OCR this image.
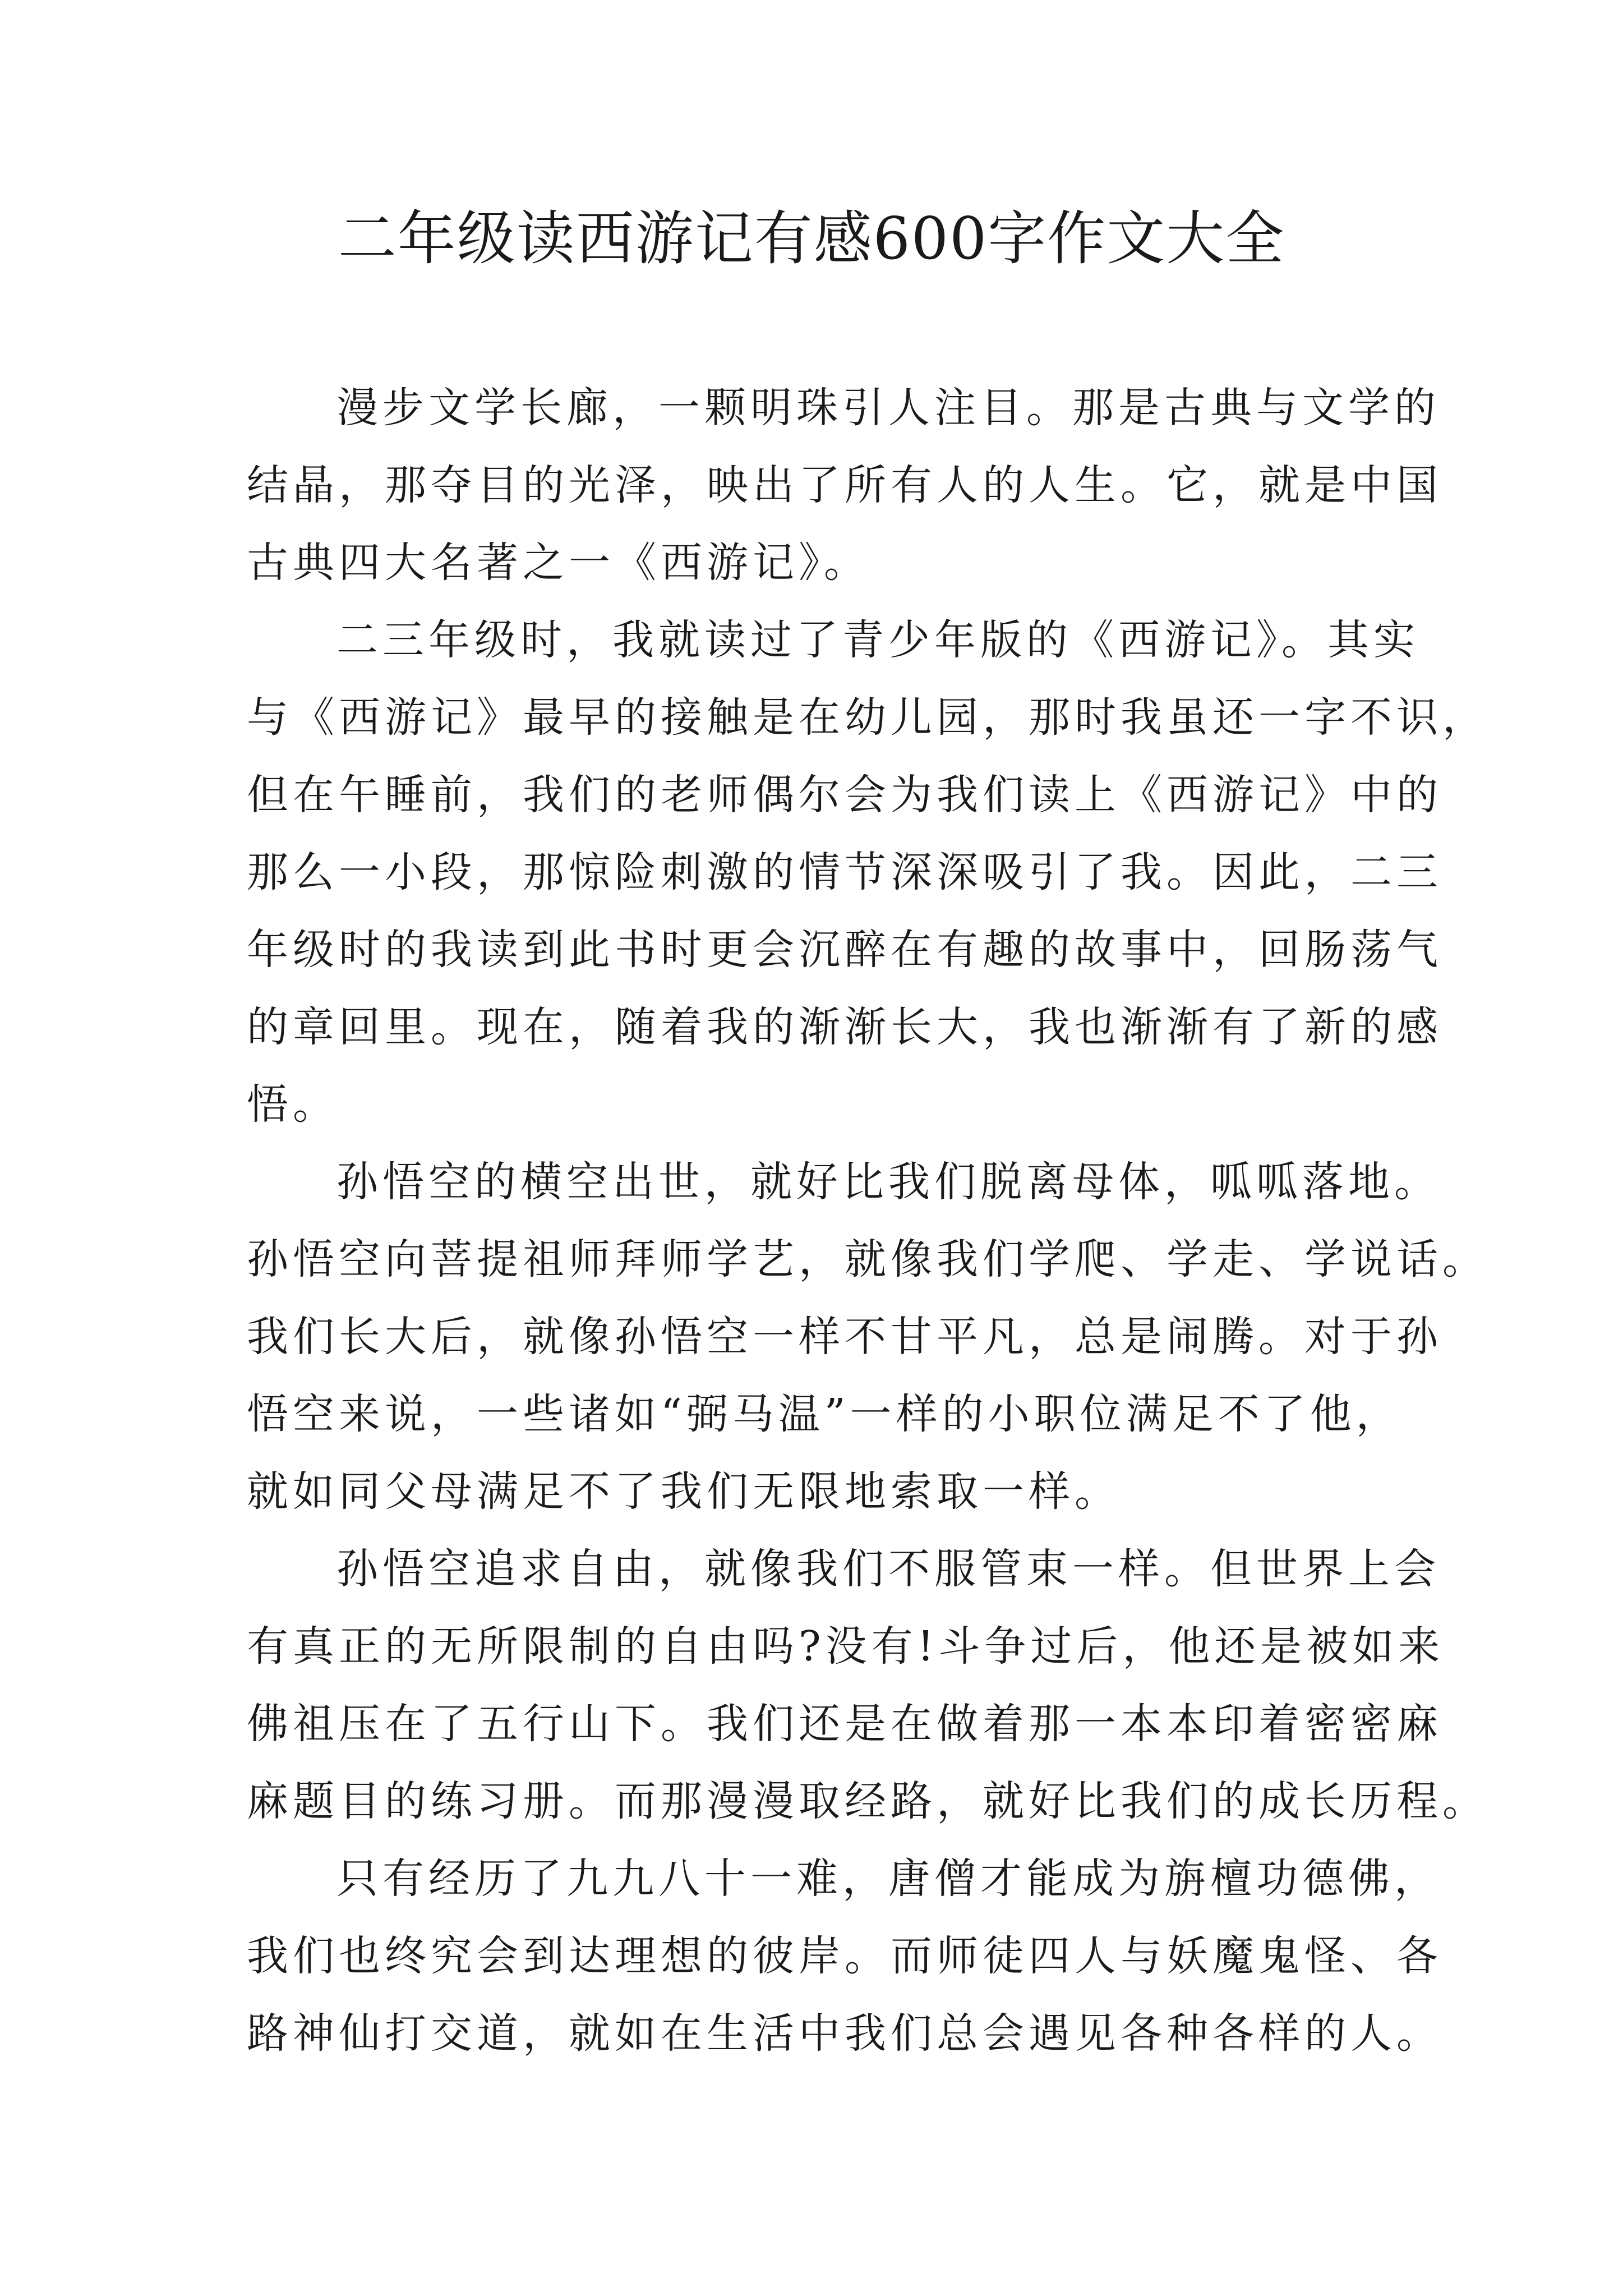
二年级读西游记有感600字作文大全

漫步文学长廊，一颗明珠引人注目。那是古典与文学的

结晶，那夺目的光泽，映出了所有人的人生。它，就是中国

古典四大名著之一《西游记》。

二三年级时，我就读过了青少年版的《西游记》。其实

与《西游记》最早的接触是在幼儿园，那时我虽还一字不识，

但在午睡前，我们的老师偶尔会为我们读上《西游记》中的

那么一小段，那惊险刺激的情节深深吸引了我。因此，二三

年级时的我读到此书时更会沉醉在有趣的故事中，回肠荡气

的章回里。现在，随着我的渐渐长大，我也渐渐有了新的感

悟。

孙悟空的横空出世，就好比我们脱离母体，呱呱落地。

孙悟空向菩提祖师拜师学艺，就像我们学爬、学走、学说话。

我们长大后，就像孙悟空一样不甘平凡，总是闹腾。对于孙

悟空来说，一些诸如“弼马温”一样的小职位满足不了他，

就如同父母满足不了我们无限地索取一样。

孙悟空追求自由，就像我们不服管束一样。但世界上会

有真正的无所限制的自由吗?没有!斗争过后，他还是被如来

佛祖压在了五行山下。我们还是在做着那一本本印着密密麻

麻题目的练习册。而那漫漫取经路，就好比我们的成长历程。

只有经历了九九八十一难，唐僧才能成为旃檀功德佛，

我们也终究会到达理想的彼岸。而师徒四人与妖魔鬼怪、各

路神仙打交道，就如在生活中我们总会遇见各种各样的人。
